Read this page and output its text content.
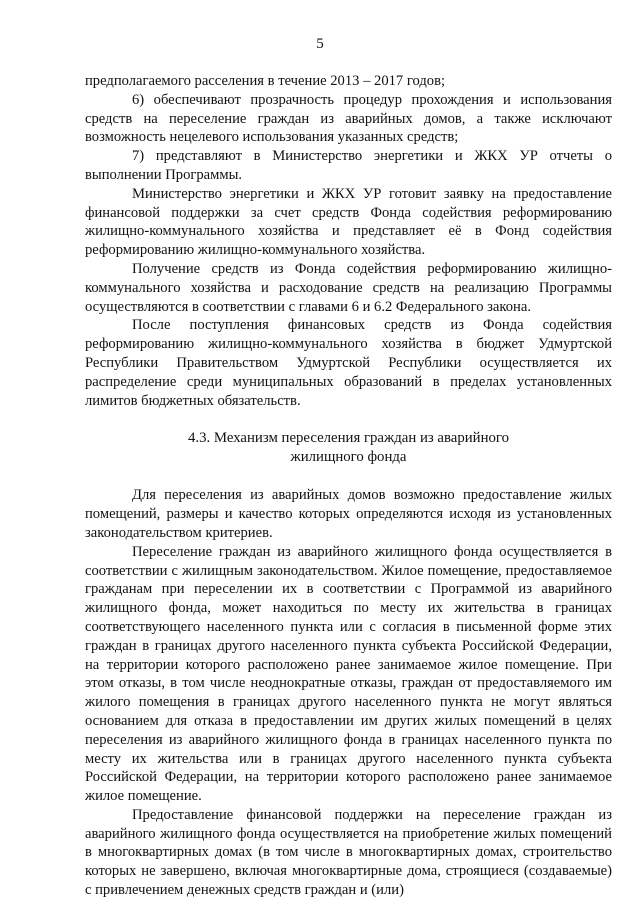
5

предполагаемого расселения в течение 2013 – 2017 годов;

6) обеспечивают прозрачность процедур прохождения и использования средств на переселение граждан из аварийных домов, а также исключают возможность нецелевого использования указанных средств;

7) представляют в Министерство энергетики и ЖКХ УР отчеты о выполнении Программы.

Министерство энергетики и ЖКХ УР готовит заявку на предоставление финансовой поддержки за счет средств Фонда содействия реформированию жилищно-коммунального хозяйства и представляет её в Фонд содействия реформированию жилищно-коммунального хозяйства.

Получение средств из Фонда содействия реформированию жилищно-коммунального хозяйства и расходование средств на реализацию Программы осуществляются в соответствии с главами 6 и 6.2 Федерального закона.

После поступления финансовых средств из Фонда содействия реформированию жилищно-коммунального хозяйства в бюджет Удмуртской Республики Правительством Удмуртской Республики осуществляется их распределение среди муниципальных образований в пределах установленных лимитов бюджетных обязательств.

4.3. Механизм переселения граждан из аварийного
жилищного фонда

Для переселения из аварийных домов возможно предоставление жилых помещений, размеры и качество которых определяются исходя из установленных законодательством критериев.

Переселение граждан из аварийного жилищного фонда осуществляется в соответствии с жилищным законодательством. Жилое помещение, предоставляемое гражданам при переселении их в соответствии с Программой из аварийного жилищного фонда, может находиться по месту их жительства в границах соответствующего населенного пункта или с согласия в письменной форме этих граждан в границах другого населенного пункта субъекта Российской Федерации, на территории которого расположено ранее занимаемое жилое помещение. При этом отказы, в том числе неоднократные отказы, граждан от предоставляемого им жилого помещения в границах другого населенного пункта не могут являться основанием для отказа в предоставлении им других жилых помещений в целях переселения из аварийного жилищного фонда в границах населенного пункта по месту их жительства или в границах другого населенного пункта субъекта Российской Федерации, на территории которого расположено ранее занимаемое жилое помещение.

Предоставление финансовой поддержки на переселение граждан из аварийного жилищного фонда осуществляется на приобретение жилых помещений в многоквартирных домах (в том числе в многоквартирных домах, строительство которых не завершено, включая многоквартирные дома, строящиеся (создаваемые) с привлечением денежных средств граждан и (или)
